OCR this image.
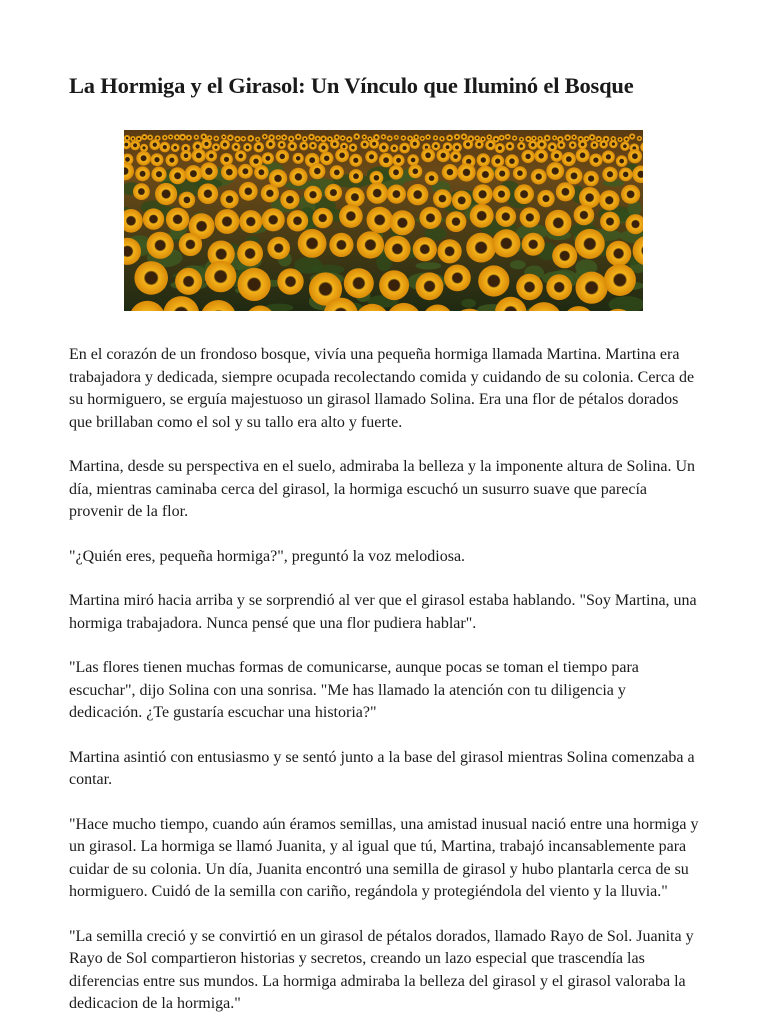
La Hormiga y el Girasol: Un Vínculo que Iluminó el Bosque

En el corazón de un frondoso bosque, vivía una pequeña hormiga llamada Martina. Martina era trabajadora y dedicada, siempre ocupada recolectando comida y cuidando de su colonia. Cerca de su hormiguero, se erguía majestuoso un girasol llamado Solina. Era una flor de pétalos dorados que brillaban como el sol y su tallo era alto y fuerte.

Martina, desde su perspectiva en el suelo, admiraba la belleza y la imponente altura de Solina. Un día, mientras caminaba cerca del girasol, la hormiga escuchó un susurro suave que parecía provenir de la flor.

"¿Quién eres, pequeña hormiga?", preguntó la voz melodiosa.

Martina miró hacia arriba y se sorprendió al ver que el girasol estaba hablando. "Soy Martina, una hormiga trabajadora. Nunca pensé que una flor pudiera hablar".

"Las flores tienen muchas formas de comunicarse, aunque pocas se toman el tiempo para escuchar", dijo Solina con una sonrisa. "Me has llamado la atención con tu diligencia y dedicación. ¿Te gustaría escuchar una historia?"

Martina asintió con entusiasmo y se sentó junto a la base del girasol mientras Solina comenzaba a contar.

"Hace mucho tiempo, cuando aún éramos semillas, una amistad inusual nació entre una hormiga y un girasol. La hormiga se llamó Juanita, y al igual que tú, Martina, trabajó incansablemente para cuidar de su colonia. Un día, Juanita encontró una semilla de girasol y hubo plantarla cerca de su hormiguero. Cuidó de la semilla con cariño, regándola y protegiéndola del viento y la lluvia."

"La semilla creció y se convirtió en un girasol de pétalos dorados, llamado Rayo de Sol. Juanita y Rayo de Sol compartieron historias y secretos, creando un lazo especial que trascendía las diferencias entre sus mundos. La hormiga admiraba la belleza del girasol y el girasol valoraba la dedicacion de la hormiga."
